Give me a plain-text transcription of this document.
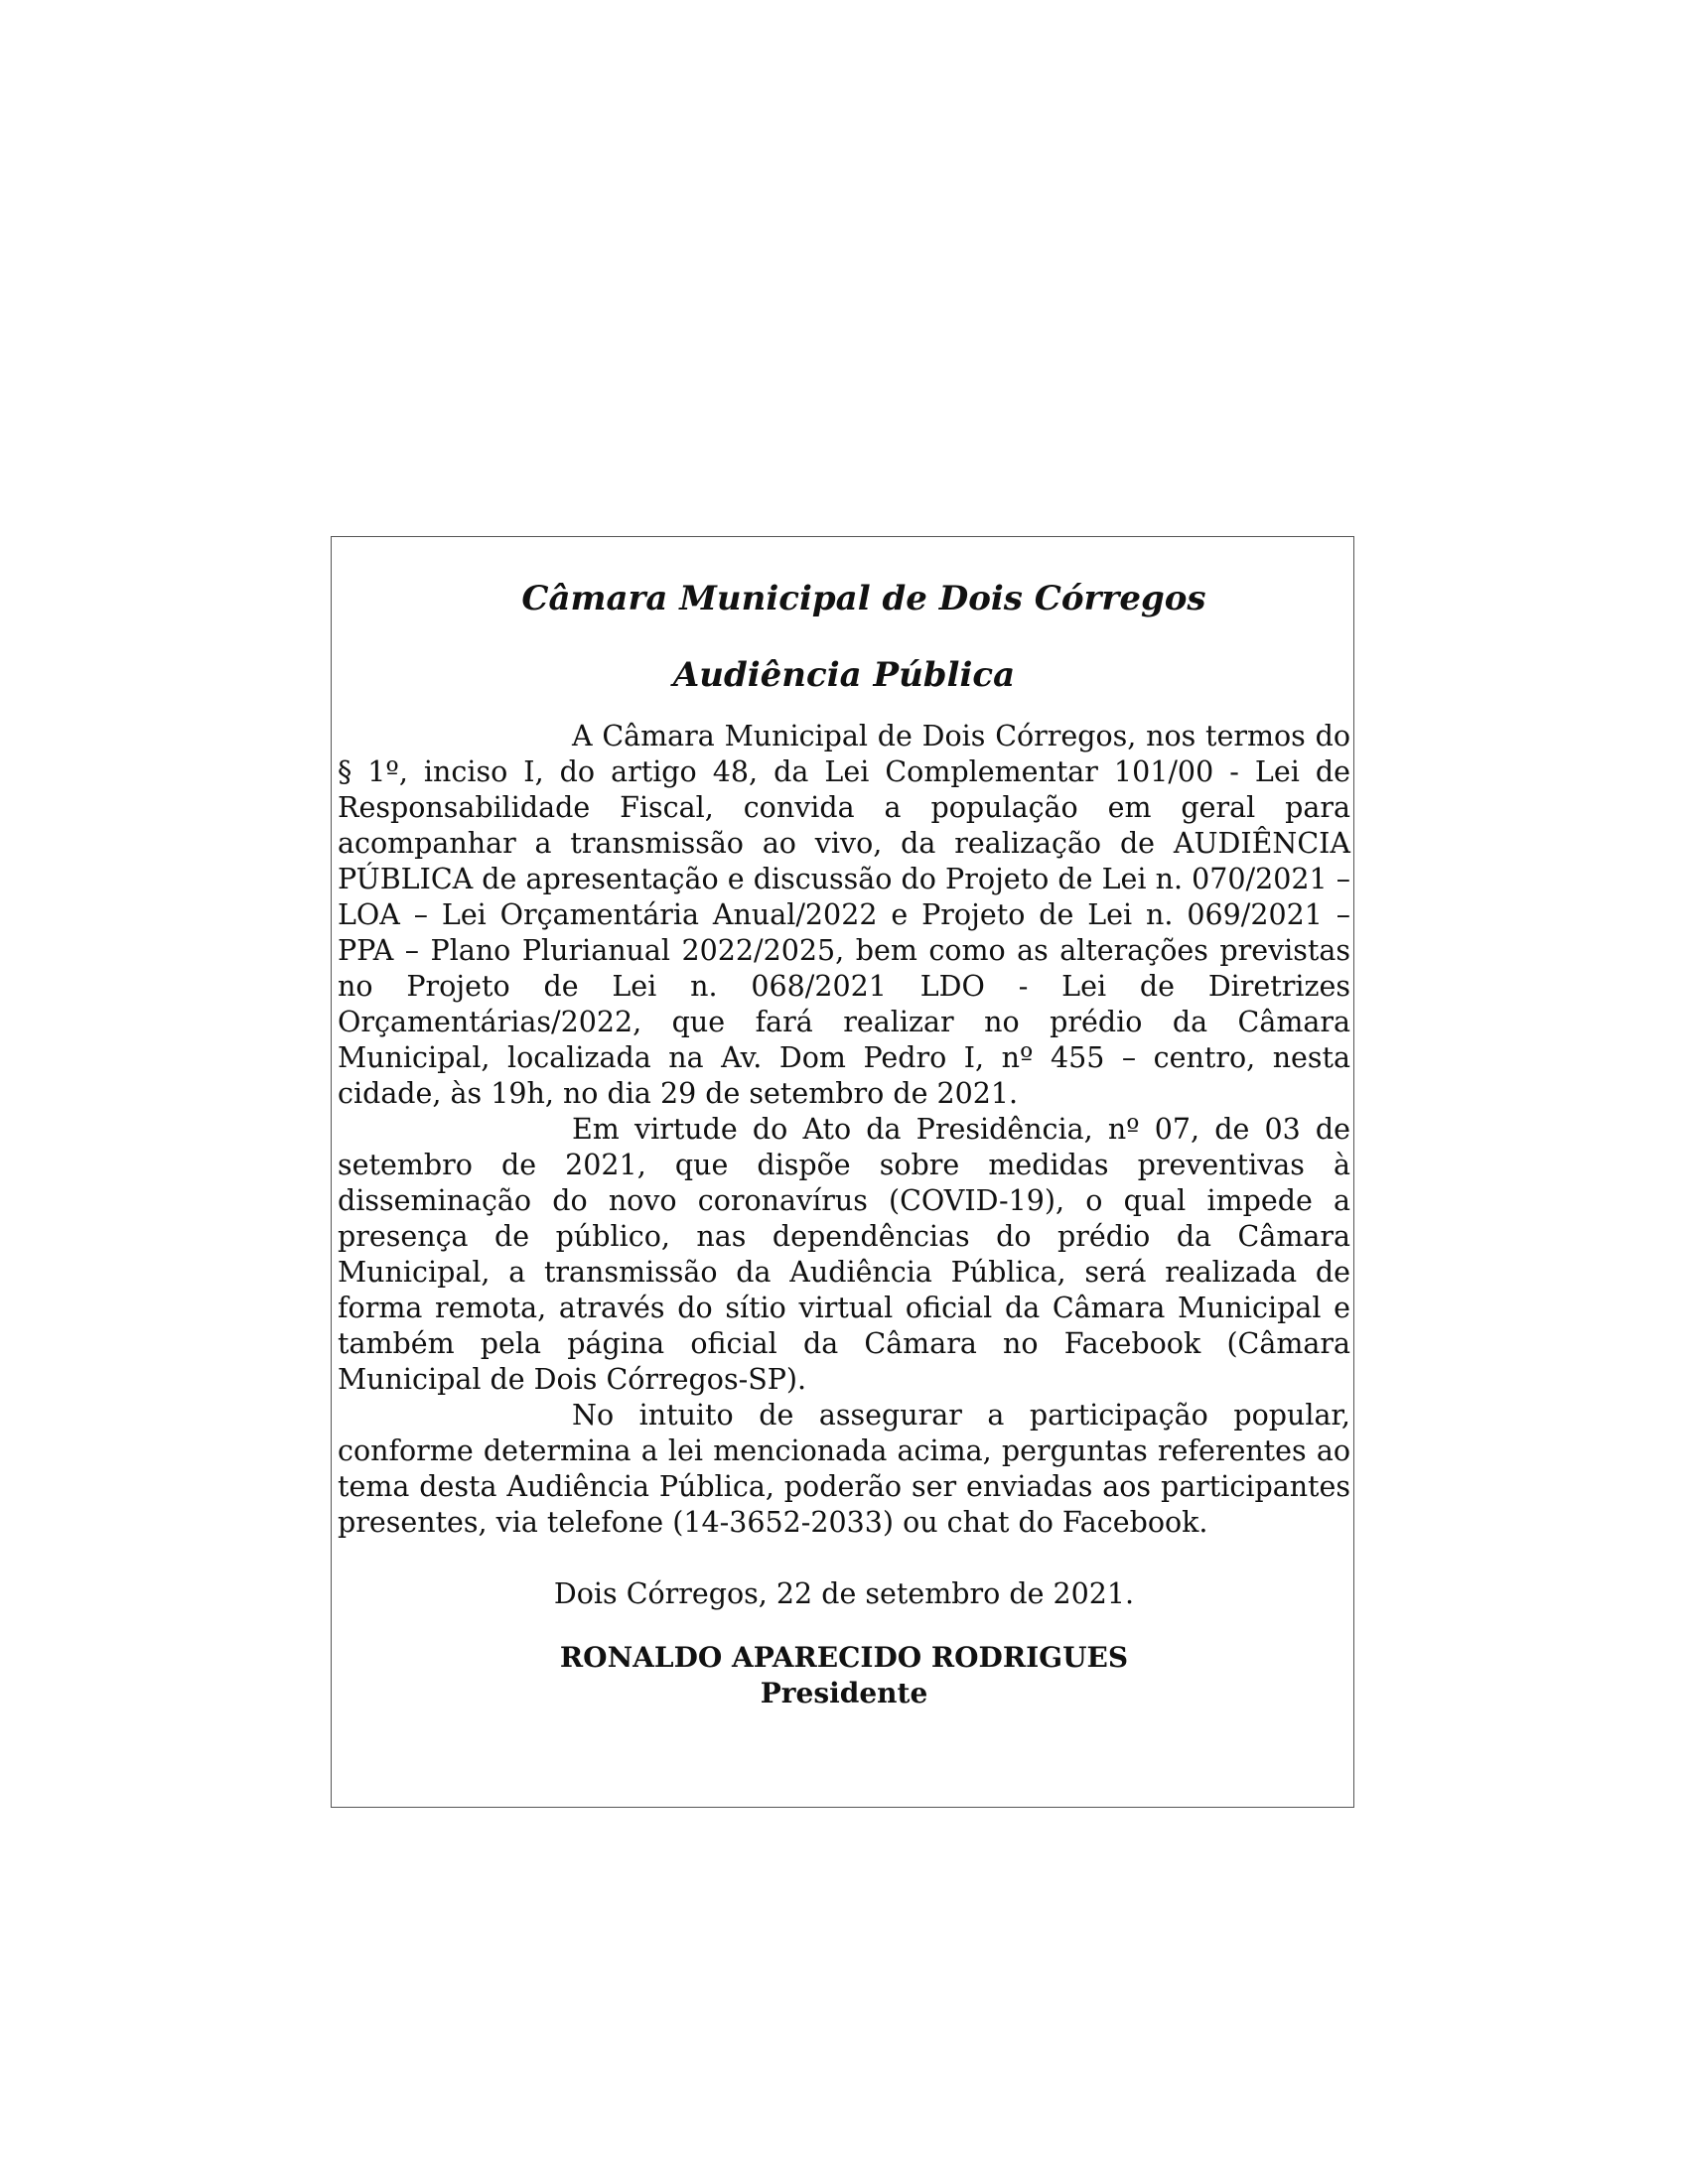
Câmara Municipal de Dois Córregos
Audiência Pública

A Câmara Municipal de Dois Córregos, nos termos do § 1º, inciso I, do artigo 48, da Lei Complementar 101/00 - Lei de Responsabilidade Fiscal, convida a população em geral para acompanhar a transmissão ao vivo, da realização de AUDIÊNCIA PÚBLICA de apresentação e discussão do Projeto de Lei n. 070/2021 – LOA – Lei Orçamentária Anual/2022 e Projeto de Lei n. 069/2021 – PPA – Plano Plurianual 2022/2025, bem como as alterações previstas no Projeto de Lei n. 068/2021 LDO - Lei de Diretrizes Orçamentárias/2022, que fará realizar no prédio da Câmara Municipal, localizada na Av. Dom Pedro I, nº 455 – centro, nesta cidade, às 19h, no dia 29 de setembro de 2021.

Em virtude do Ato da Presidência, nº 07, de 03 de setembro de 2021, que dispõe sobre medidas preventivas à disseminação do novo coronavírus (COVID-19), o qual impede a presença de público, nas dependências do prédio da Câmara Municipal, a transmissão da Audiência Pública, será realizada de forma remota, através do sítio virtual oficial da Câmara Municipal e também pela página oficial da Câmara no Facebook (Câmara Municipal de Dois Córregos-SP).

No intuito de assegurar a participação popular, conforme determina a lei mencionada acima, perguntas referentes ao tema desta Audiência Pública, poderão ser enviadas aos participantes presentes, via telefone (14-3652-2033) ou chat do Facebook.

Dois Córregos, 22 de setembro de 2021.
RONALDO APARECIDO RODRIGUES
Presidente
